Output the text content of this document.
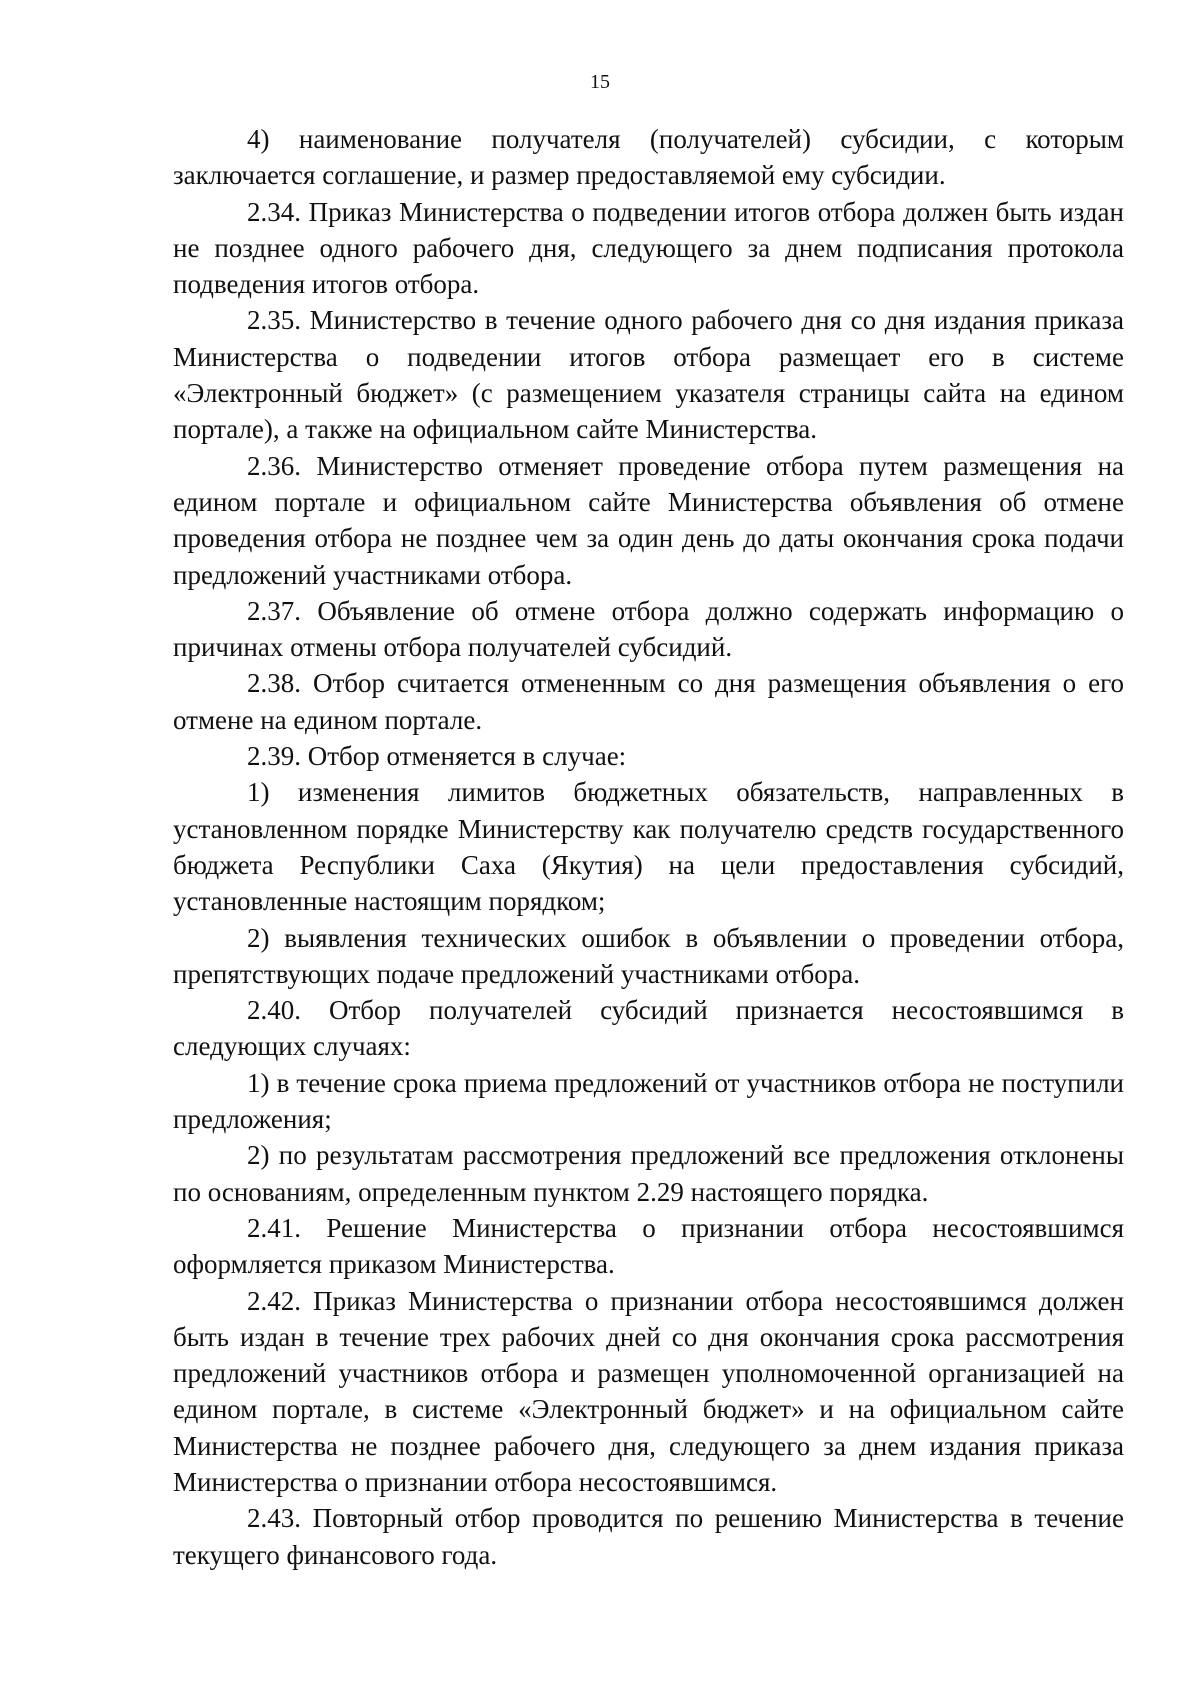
15

4) наименование получателя (получателей) субсидии, с которым заключается соглашение, и размер предоставляемой ему субсидии.

2.34. Приказ Министерства о подведении итогов отбора должен быть издан не позднее одного рабочего дня, следующего за днем подписания протокола подведения итогов отбора.

2.35. Министерство в течение одного рабочего дня со дня издания приказа Министерства о подведении итогов отбора размещает его в системе «Электронный бюджет» (с размещением указателя страницы сайта на едином портале), а также на официальном сайте Министерства.

2.36. Министерство отменяет проведение отбора путем размещения на едином портале и официальном сайте Министерства объявления об отмене проведения отбора не позднее чем за один день до даты окончания срока подачи предложений участниками отбора.

2.37. Объявление об отмене отбора должно содержать информацию о причинах отмены отбора получателей субсидий.

2.38. Отбор считается отмененным со дня размещения объявления о его отмене на едином портале.

2.39. Отбор отменяется в случае:

1) изменения лимитов бюджетных обязательств, направленных в установленном порядке Министерству как получателю средств государственного бюджета Республики Саха (Якутия) на цели предоставления субсидий, установленные настоящим порядком;

2) выявления технических ошибок в объявлении о проведении отбора, препятствующих подаче предложений участниками отбора.

2.40. Отбор получателей субсидий признается несостоявшимся в следующих случаях:

1) в течение срока приема предложений от участников отбора не поступили предложения;

2) по результатам рассмотрения предложений все предложения отклонены по основаниям, определенным пунктом 2.29 настоящего порядка.

2.41. Решение Министерства о признании отбора несостоявшимся оформляется приказом Министерства.

2.42. Приказ Министерства о признании отбора несостоявшимся должен быть издан в течение трех рабочих дней со дня окончания срока рассмотрения предложений участников отбора и размещен уполномоченной организацией на едином портале, в системе «Электронный бюджет» и на официальном сайте Министерства не позднее рабочего дня, следующего за днем издания приказа Министерства о признании отбора несостоявшимся.

2.43. Повторный отбор проводится по решению Министерства в течение текущего финансового года.
